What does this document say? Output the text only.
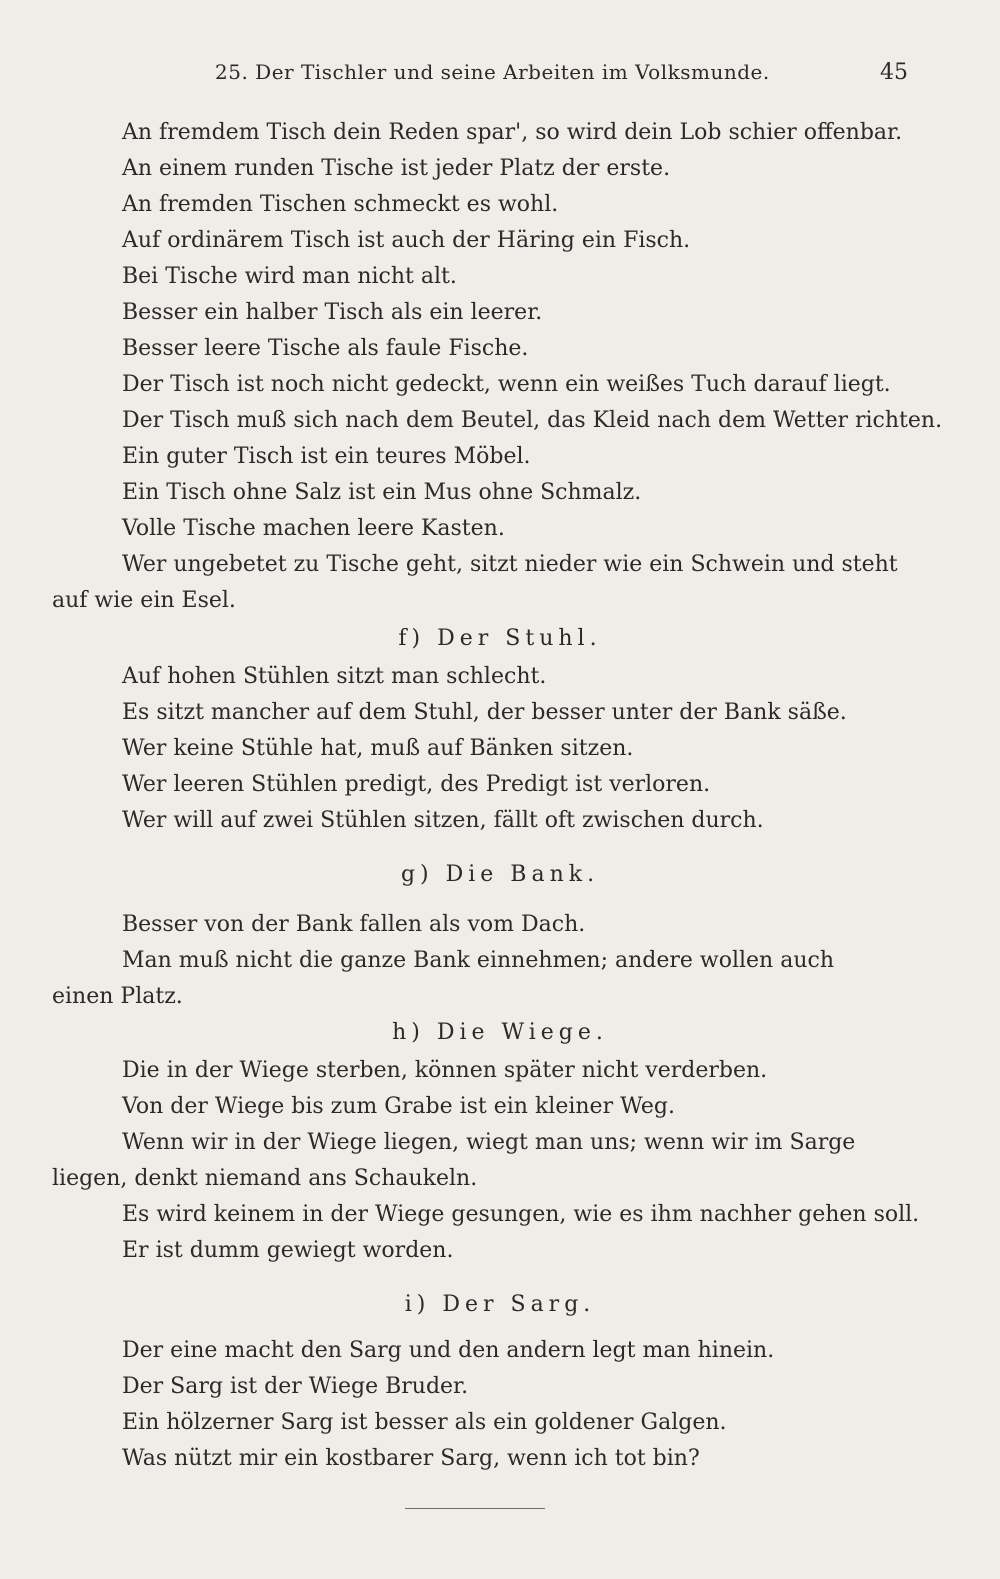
25. Der Tischler und seine Arbeiten im Volksmunde.	45
An fremdem Tisch dein Reden spar', so wird dein Lob schier offenbar.
An einem runden Tische ist jeder Platz der erste.
An fremden Tischen schmeckt es wohl.
Auf ordinärem Tisch ist auch der Häring ein Fisch.
Bei Tische wird man nicht alt.
Besser ein halber Tisch als ein leerer.
Besser leere Tische als faule Fische.
Der Tisch ist noch nicht gedeckt, wenn ein weißes Tuch darauf liegt.
Der Tisch muß sich nach dem Beutel, das Kleid nach dem Wetter richten.
Ein guter Tisch ist ein teures Möbel.
Ein Tisch ohne Salz ist ein Mus ohne Schmalz.
Volle Tische machen leere Kasten.
Wer ungebetet zu Tische geht, sitzt nieder wie ein Schwein und steht
auf wie ein Esel.
f) Der Stuhl.
Auf hohen Stühlen sitzt man schlecht.
Es sitzt mancher auf dem Stuhl, der besser unter der Bank säße.
Wer keine Stühle hat, muß auf Bänken sitzen.
Wer leeren Stühlen predigt, des Predigt ist verloren.
Wer will auf zwei Stühlen sitzen, fällt oft zwischen durch.
g) Die Bank.
Besser von der Bank fallen als vom Dach.
Man muß nicht die ganze Bank einnehmen; andere wollen auch
einen Platz.
h) Die Wiege.
Die in der Wiege sterben, können später nicht verderben.
Von der Wiege bis zum Grabe ist ein kleiner Weg.
Wenn wir in der Wiege liegen, wiegt man uns; wenn wir im Sarge
liegen, denkt niemand ans Schaukeln.
Es wird keinem in der Wiege gesungen, wie es ihm nachher gehen soll.
Er ist dumm gewiegt worden.
i) Der Sarg.
Der eine macht den Sarg und den andern legt man hinein.
Der Sarg ist der Wiege Bruder.
Ein hölzerner Sarg ist besser als ein goldener Galgen.
Was nützt mir ein kostbarer Sarg, wenn ich tot bin?
